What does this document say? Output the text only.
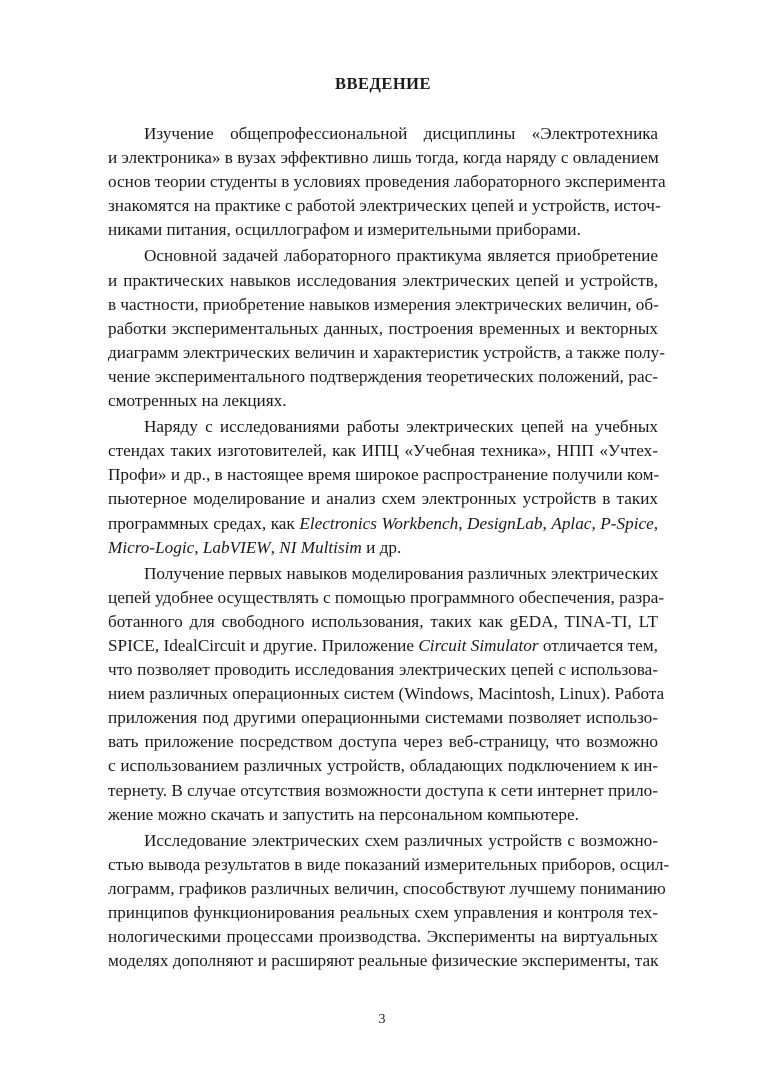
ВВЕДЕНИЕ
Изучение общепрофессиональной дисциплины «Электротехника
и электроника» в вузах эффективно лишь тогда, когда наряду с овладением
основ теории студенты в условиях проведения лабораторного эксперимента
знакомятся на практике с работой электрических цепей и устройств, источ-
никами питания, осциллографом и измерительными приборами.
Основной задачей лабораторного практикума является приобретение
и практических навыков исследования электрических цепей и устройств,
в частности, приобретение навыков измерения электрических величин, об-
работки экспериментальных данных, построения временных и векторных
диаграмм электрических величин и характеристик устройств, а также полу-
чение экспериментального подтверждения теоретических положений, рас-
смотренных на лекциях.
Наряду с исследованиями работы электрических цепей на учебных
стендах таких изготовителей, как ИПЦ «Учебная техника», НПП «Учтех-
Профи» и др., в настоящее время широкое распространение получили ком-
пьютерное моделирование и анализ схем электронных устройств в таких
программных средах, как Electronics Workbench, DesignLab, Aplac, P-Spice,
Micro-Logic, LabVIEW, NI Multisim и др.
Получение первых навыков моделирования различных электрических
цепей удобнее осуществлять с помощью программного обеспечения, разра-
ботанного для свободного использования, таких как gEDA, TINA-TI, LT
SPICE, IdealCircuit и другие. Приложение Circuit Simulator отличается тем,
что позволяет проводить исследования электрических цепей с использова-
нием различных операционных систем (Windows, Macintosh, Linux). Работа
приложения под другими операционными системами позволяет использо-
вать приложение посредством доступа через веб-страницу, что возможно
с использованием различных устройств, обладающих подключением к ин-
тернету. В случае отсутствия возможности доступа к сети интернет прило-
жение можно скачать и запустить на персональном компьютере.
Исследование электрических схем различных устройств с возможно-
стью вывода результатов в виде показаний измерительных приборов, осцил-
лограмм, графиков различных величин, способствуют лучшему пониманию
принципов функционирования реальных схем управления и контроля тех-
нологическими процессами производства. Эксперименты на виртуальных
моделях дополняют и расширяют реальные физические эксперименты, так
3
